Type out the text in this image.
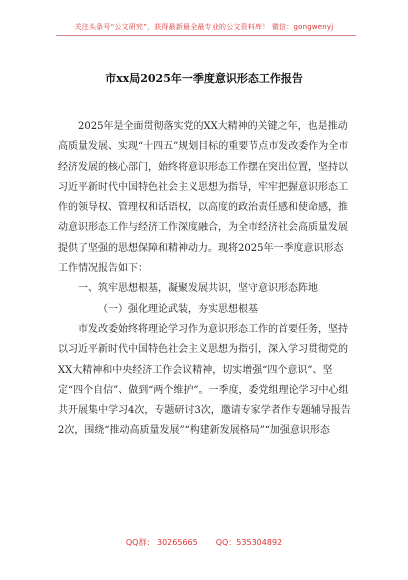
关注头条号“公文研究”，获得最新最全最专业的公文资料库！ 微信：gongwenyj
市xx局2025年一季度意识形态工作报告

2025年是全面贯彻落实党的XX大精神的关键之年，也是推动高质量发展、实现“十四五”规划目标的重要节点市发改委作为全市经济发展的核心部门，始终将意识形态工作摆在突出位置，坚持以习近平新时代中国特色社会主义思想为指导，牢牢把握意识形态工作的领导权、管理权和话语权，以高度的政治责任感和使命感，推动意识形态工作与经济工作深度融合，为全市经济社会高质量发展提供了坚强的思想保障和精神动力。现将2025年一季度意识形态工作情况报告如下：

一、筑牢思想根基，凝聚发展共识，坚守意识形态阵地

（一）强化理论武装，夯实思想根基

市发改委始终将理论学习作为意识形态工作的首要任务，坚持以习近平新时代中国特色社会主义思想为指引，深入学习贯彻党的XX大精神和中央经济工作会议精神，切实增强“四个意识”、坚定“四个自信”、做到“两个维护”。一季度，委党组理论学习中心组共开展集中学习4次，专题研讨3次，邀请专家学者作专题辅导报告2次，围绕“推动高质量发展”“构建新发展格局”“加强意识形态

QQ群： 30265665 QQ：535304892
